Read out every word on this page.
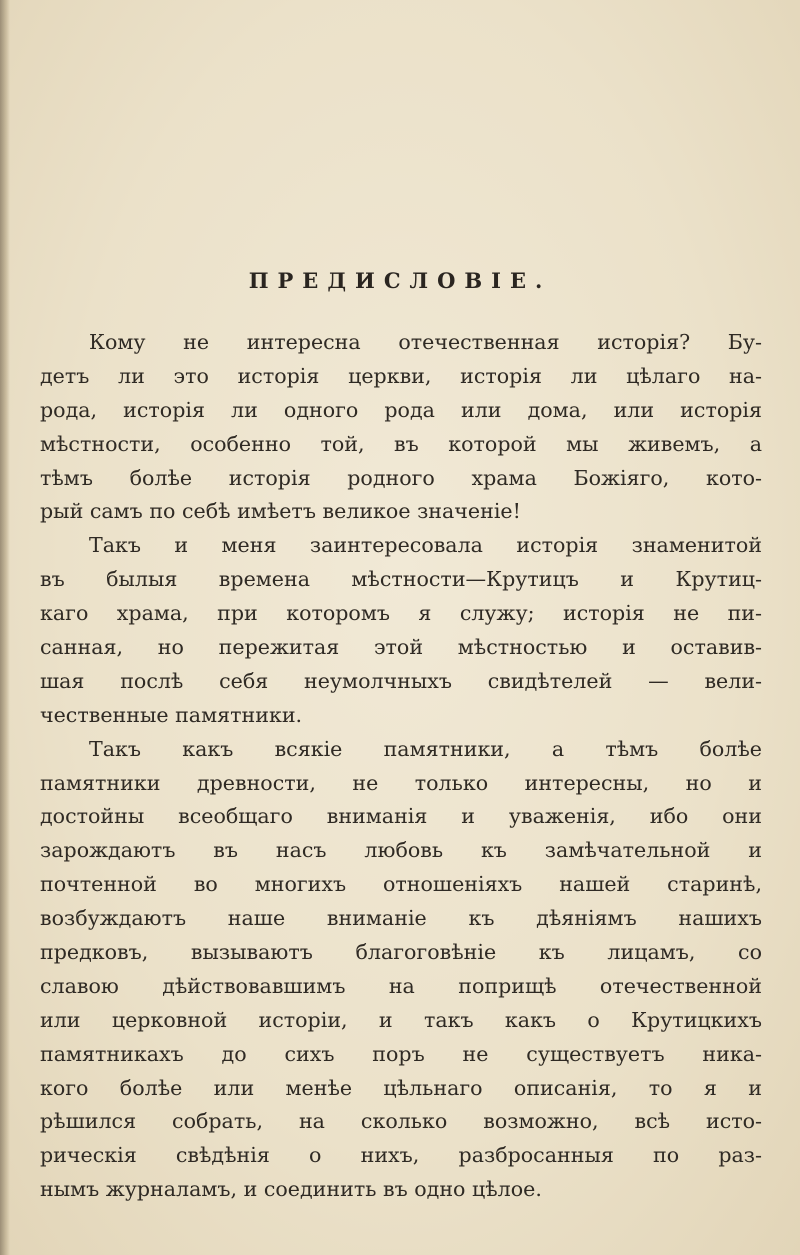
ПРЕДИСЛОВІЕ.
Кому не интересна отечественная исторія? Бу-
детъ ли это исторія церкви, исторія ли цѣлаго на-
рода, исторія ли одного рода или дома, или исторія
мѣстности, особенно той, въ которой мы живемъ, а
тѣмъ болѣе исторія родного храма Божіяго, кото-
рый самъ по себѣ имѣетъ великое значеніе!
Такъ и меня заинтересовала исторія знаменитой
въ былыя времена мѣстности—Крутицъ и Крутиц-
каго храма, при которомъ я служу; исторія не пи-
санная, но пережитая этой мѣстностью и оставив-
шая послѣ себя неумолчныхъ свидѣтелей — вели-
чественные памятники.
Такъ какъ всякіе памятники, а тѣмъ болѣе
памятники древности, не только интересны, но и
достойны всеобщаго вниманія и уваженія, ибо они
зарождаютъ въ насъ любовь къ замѣчательной и
почтенной во многихъ отношеніяхъ нашей старинѣ,
возбуждаютъ наше вниманіе къ дѣяніямъ нашихъ
предковъ, вызываютъ благоговѣніе къ лицамъ, со
славою дѣйствовавшимъ на поприщѣ отечественной
или церковной исторіи, и такъ какъ о Крутицкихъ
памятникахъ до сихъ поръ не существуетъ ника-
кого болѣе или менѣе цѣльнаго описанія, то я и
рѣшился собрать, на сколько возможно, всѣ исто-
рическія свѣдѣнія о нихъ, разбросанныя по раз-
нымъ журналамъ, и соединить въ одно цѣлое.
